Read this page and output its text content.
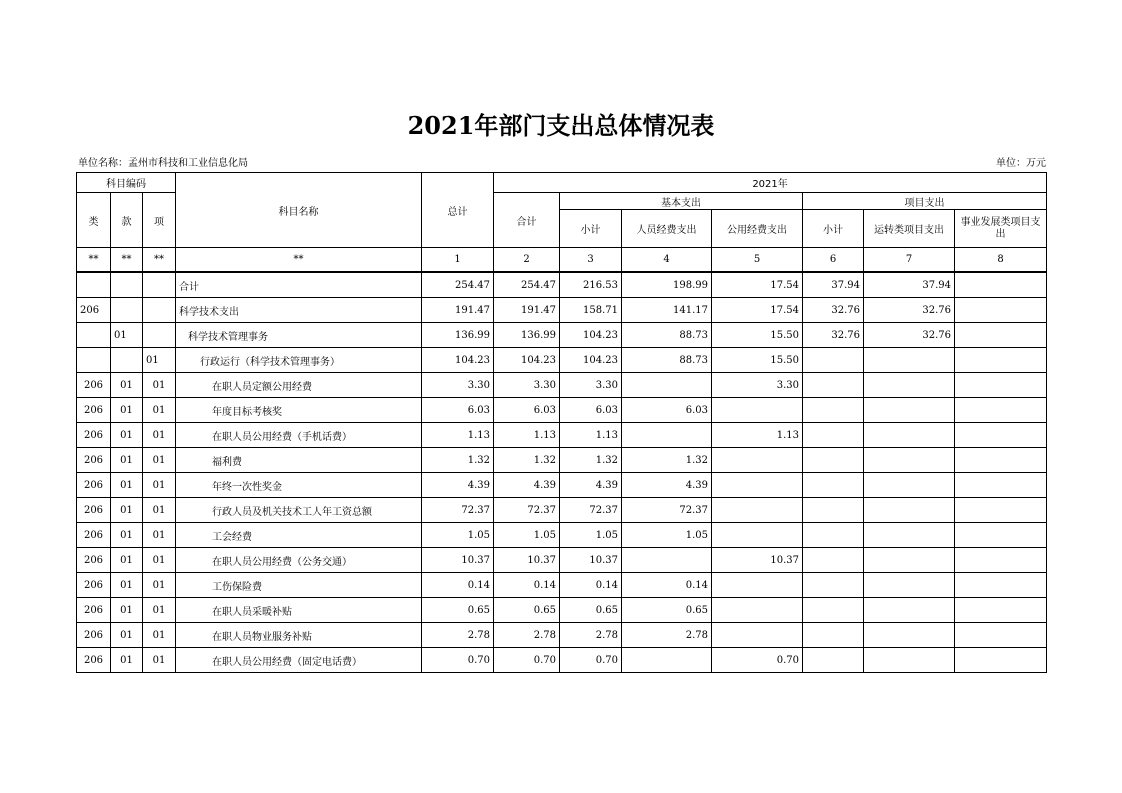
2021年部门支出总体情况表
单位名称：孟州市科技和工业信息化局	单位：万元
科目编码			科目名称	总计	2021年						
类	款	项			合计	基本支出			项目支出		
						小计	人员经费支出	公用经费支出	小计	运转类项目支出	事业发展类项目支出
**	**	**	**	1	2	3	4	5	6	7	8
			合计	254.47	254.47	216.53	198.99	17.54	37.94	37.94	
206			科学技术支出	191.47	191.47	158.71	141.17	17.54	32.76	32.76	
	01		科学技术管理事务	136.99	136.99	104.23	88.73	15.50	32.76	32.76	
		01	行政运行（科学技术管理事务）	104.23	104.23	104.23	88.73	15.50			
206	01	01	在职人员定额公用经费	3.30	3.30	3.30		3.30			
206	01	01	年度目标考核奖	6.03	6.03	6.03	6.03				
206	01	01	在职人员公用经费（手机话费）	1.13	1.13	1.13		1.13			
206	01	01	福利费	1.32	1.32	1.32	1.32				
206	01	01	年终一次性奖金	4.39	4.39	4.39	4.39				
206	01	01	行政人员及机关技术工人年工资总额	72.37	72.37	72.37	72.37				
206	01	01	工会经费	1.05	1.05	1.05	1.05				
206	01	01	在职人员公用经费（公务交通）	10.37	10.37	10.37		10.37			
206	01	01	工伤保险费	0.14	0.14	0.14	0.14				
206	01	01	在职人员采暖补贴	0.65	0.65	0.65	0.65				
206	01	01	在职人员物业服务补贴	2.78	2.78	2.78	2.78				
206	01	01	在职人员公用经费（固定电话费）	0.70	0.70	0.70		0.70			
